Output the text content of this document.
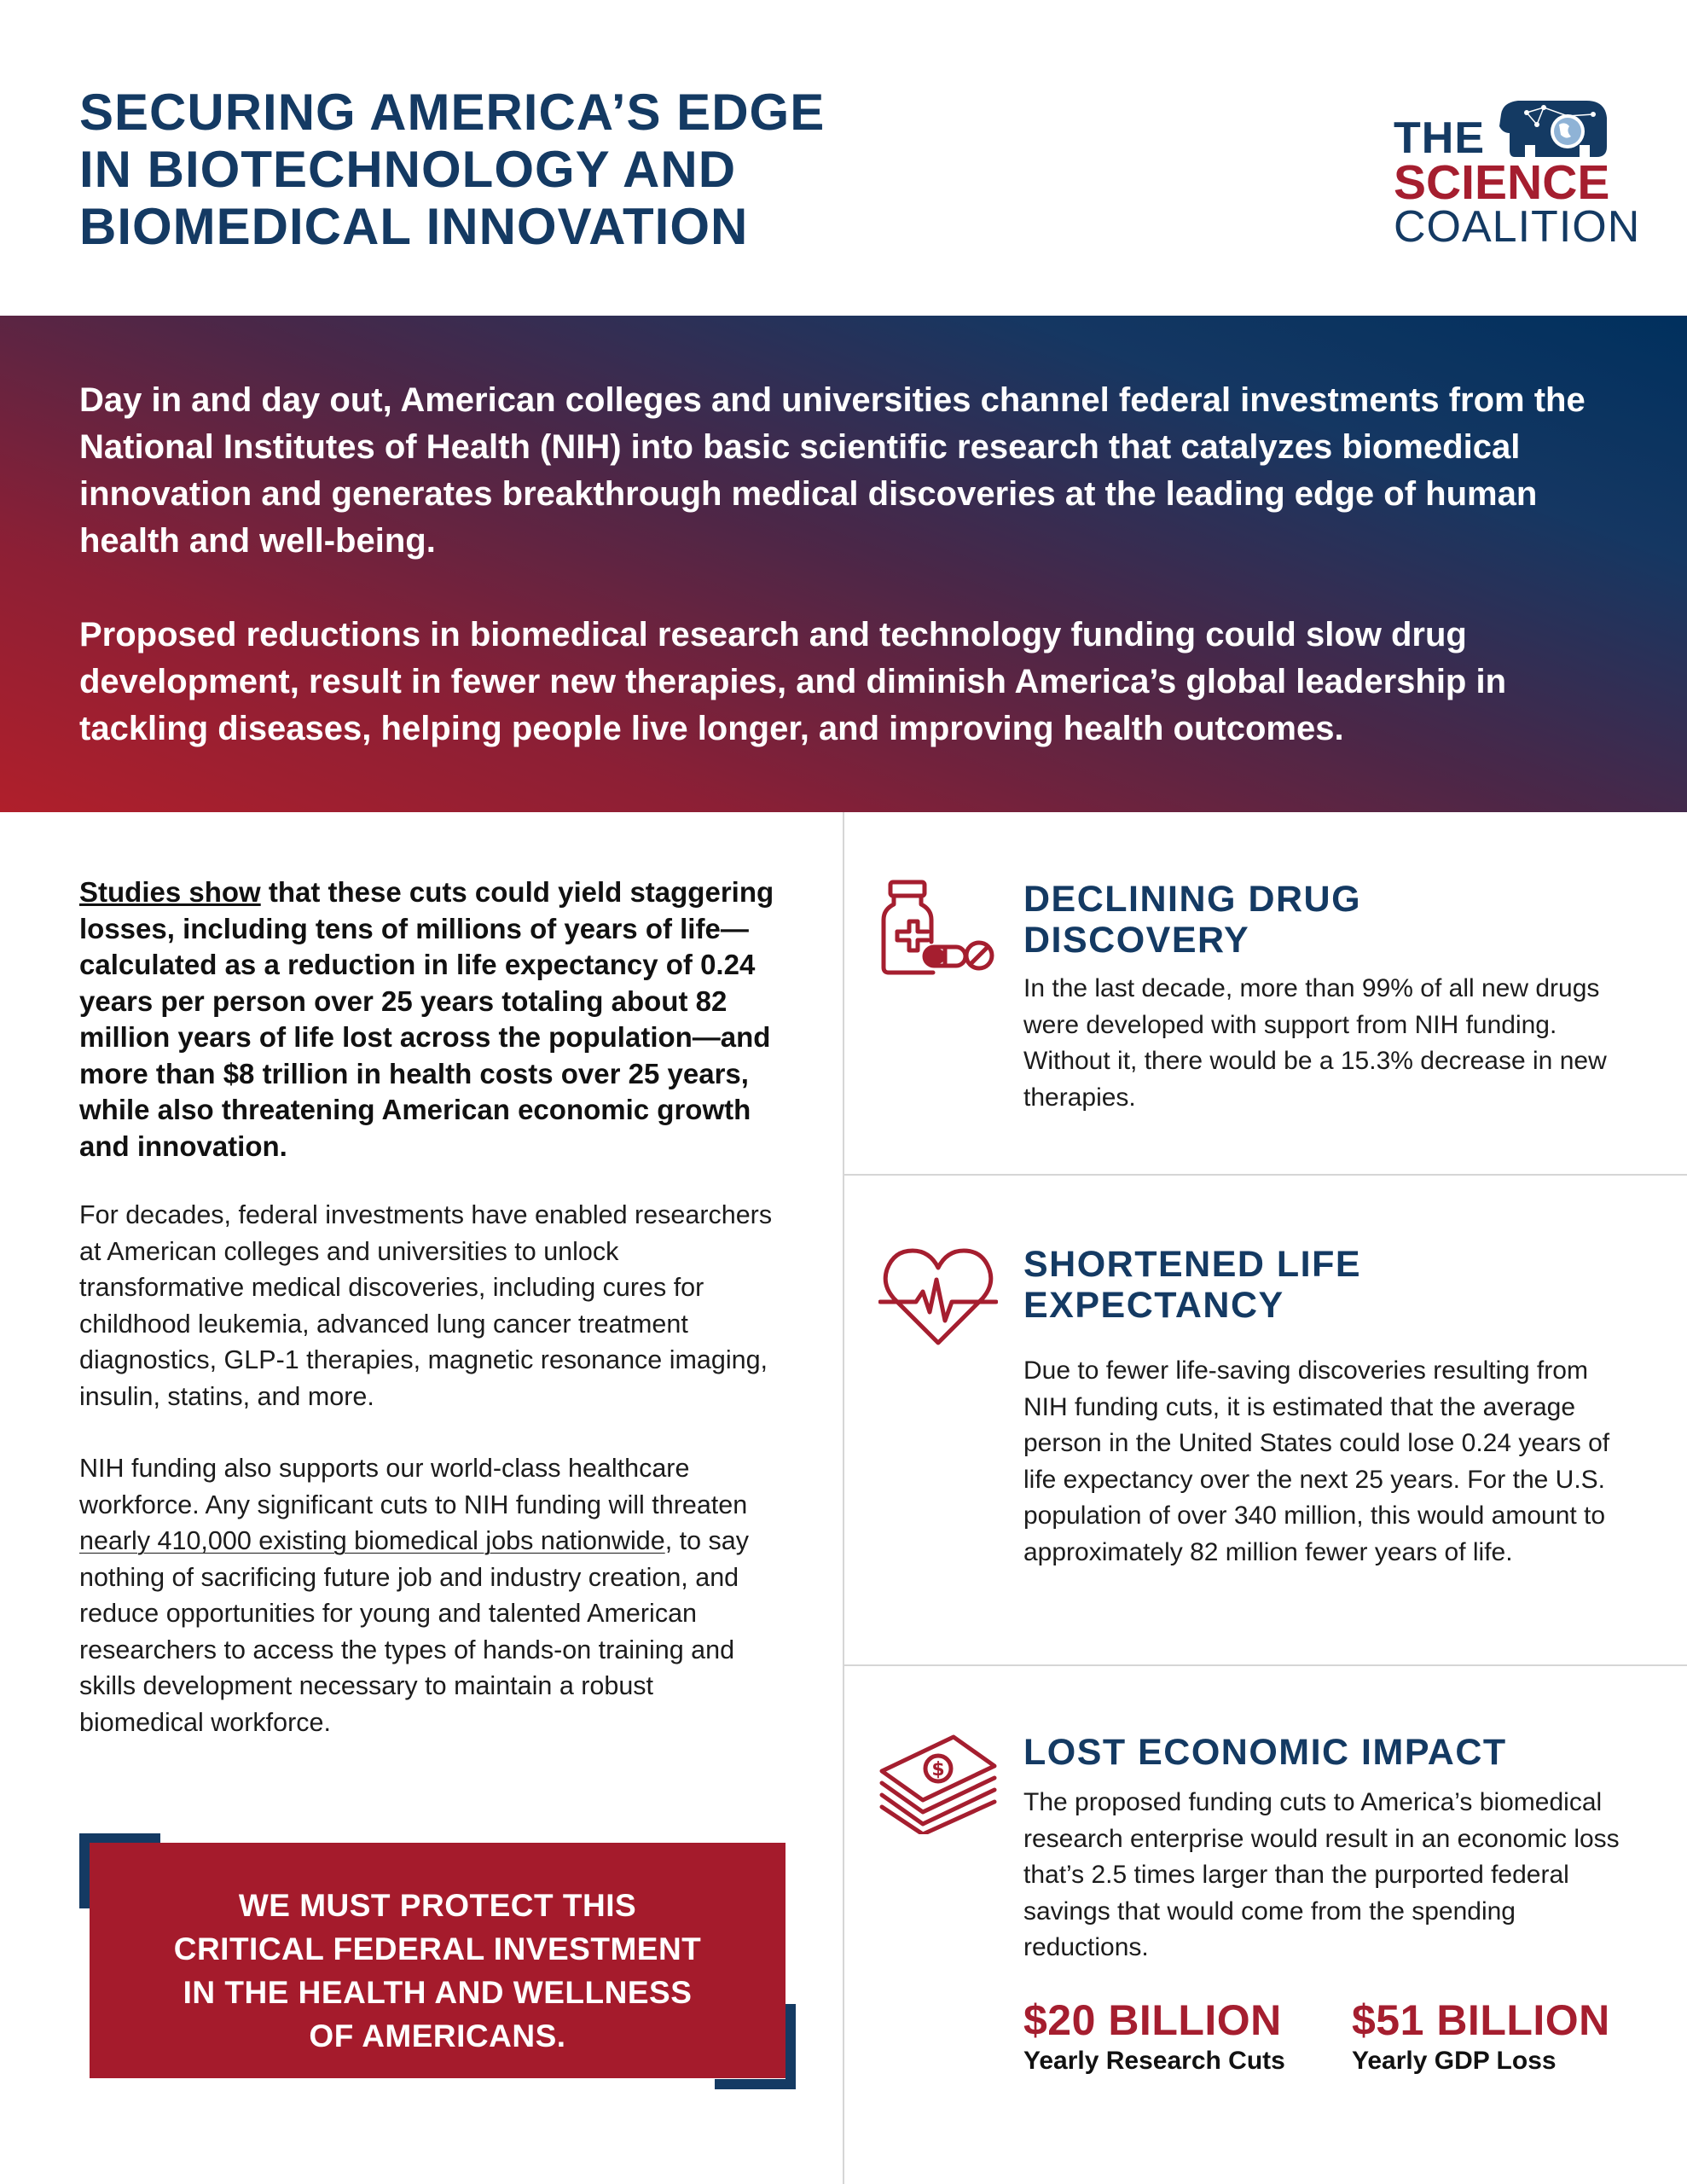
SECURING AMERICA’S EDGE
IN BIOTECHNOLOGY AND
BIOMEDICAL INNOVATION
THE
SCIENCE
COALITION

Day in and day out, American colleges and universities channel federal investments from the National Institutes of Health (NIH) into basic scientific research that catalyzes biomedical innovation and generates breakthrough medical discoveries at the leading edge of human health and well-being.

Proposed reductions in biomedical research and technology funding could slow drug development, result in fewer new therapies, and diminish America’s global leadership in tackling diseases, helping people live longer, and improving health outcomes.

Studies show that these cuts could yield staggering losses, including tens of millions of years of life—calculated as a reduction in life expectancy of 0.24 years per person over 25 years totaling about 82 million years of life lost across the population—and more than $8 trillion in health costs over 25 years, while also threatening American economic growth and innovation.

For decades, federal investments have enabled researchers at American colleges and universities to unlock transformative medical discoveries, including cures for childhood leukemia, advanced lung cancer treatment diagnostics, GLP-1 therapies, magnetic resonance imaging, insulin, statins, and more.

NIH funding also supports our world-class healthcare workforce. Any significant cuts to NIH funding will threaten nearly 410,000 existing biomedical jobs nationwide, to say nothing of sacrificing future job and industry creation, and reduce opportunities for young and talented American researchers to access the types of hands-on training and skills development necessary to maintain a robust biomedical workforce.

WE MUST PROTECT THIS
CRITICAL FEDERAL INVESTMENT
IN THE HEALTH AND WELLNESS
OF AMERICANS.
DECLINING DRUG
DISCOVERY

In the last decade, more than 99% of all new drugs were developed with support from NIH funding. Without it, there would be a 15.3% decrease in new therapies.

SHORTENED LIFE
EXPECTANCY

Due to fewer life-saving discoveries resulting from NIH funding cuts, it is estimated that the average person in the United States could lose 0.24 years of life expectancy over the next 25 years. For the U.S. population of over 340 million, this would amount to approximately 82 million fewer years of life.

$ LOST ECONOMIC IMPACT

The proposed funding cuts to America’s biomedical research enterprise would result in an economic loss that’s 2.5 times larger than the purported federal savings that would come from the spending reductions.

$20 BILLION
Yearly Research Cuts
$51 BILLION
Yearly GDP Loss
